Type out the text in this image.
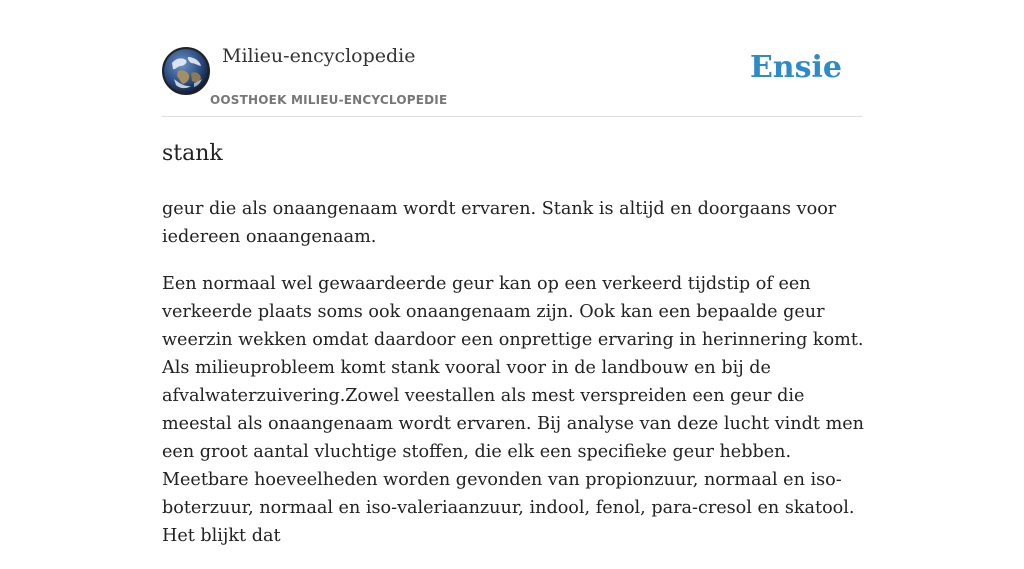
Milieu-encyclopedie
OOSTHOEK MILIEU-ENCYCLOPEDIE
Ensie
stank

geur die als onaangenaam wordt ervaren. Stank is altijd en doorgaans voor iedereen onaangenaam.

Een normaal wel gewaardeerde geur kan op een verkeerd tijdstip of een verkeerde plaats soms ook onaangenaam zijn. Ook kan een bepaalde geur weerzin wekken omdat daardoor een onprettige ervaring in herinnering komt. Als milieuprobleem komt stank vooral voor in de landbouw en bij de afvalwaterzuivering.Zowel veestallen als mest verspreiden een geur die meestal als onaangenaam wordt ervaren. Bij analyse van deze lucht vindt men een groot aantal vluchtige stoffen, die elk een specifieke geur hebben. Meetbare hoeveelheden worden gevonden van propionzuur, normaal en iso-boterzuur, normaal en iso-valeriaanzuur, indool, fenol, para-cresol en skatool. Het blijkt dat
